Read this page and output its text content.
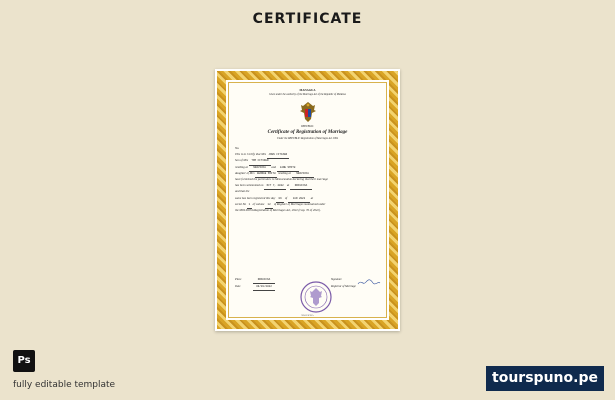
CERTIFICATE
MANAGUA
Given under the authority of the Marriage Act of the Republic of Moldova
REPUBLIC
Certificate of Registration of Marriage
Under the REPUBLIC Registration of Marriages Act 2004
No.
This is to Certify that Mrs JOHN CITIZEN
Son of Mrs TOM CITIZEN
residing at NRAVICKA and JANE SMITH
daughter of Mrs GEORGE SMITH residing at NRAVICKA
have furnished the particulars to Memorandum declaring that their marriage
has been solemnized on OCT 7, 2022 at NRAVICKA
and that the
same has been registered this day 09 of JAN 2022 at
serial No 1 of volume 12 of Register of Marriages maintained under
the MOLDOVA Registration of Marriages Act, 2022 (Cap. 76 of 2022).
Place	NRAVICKA	Signature
Date	09/01/2022	Registrar of Marriage
NRAVICKA
Ps
fully editable template	tourspuno.pe
